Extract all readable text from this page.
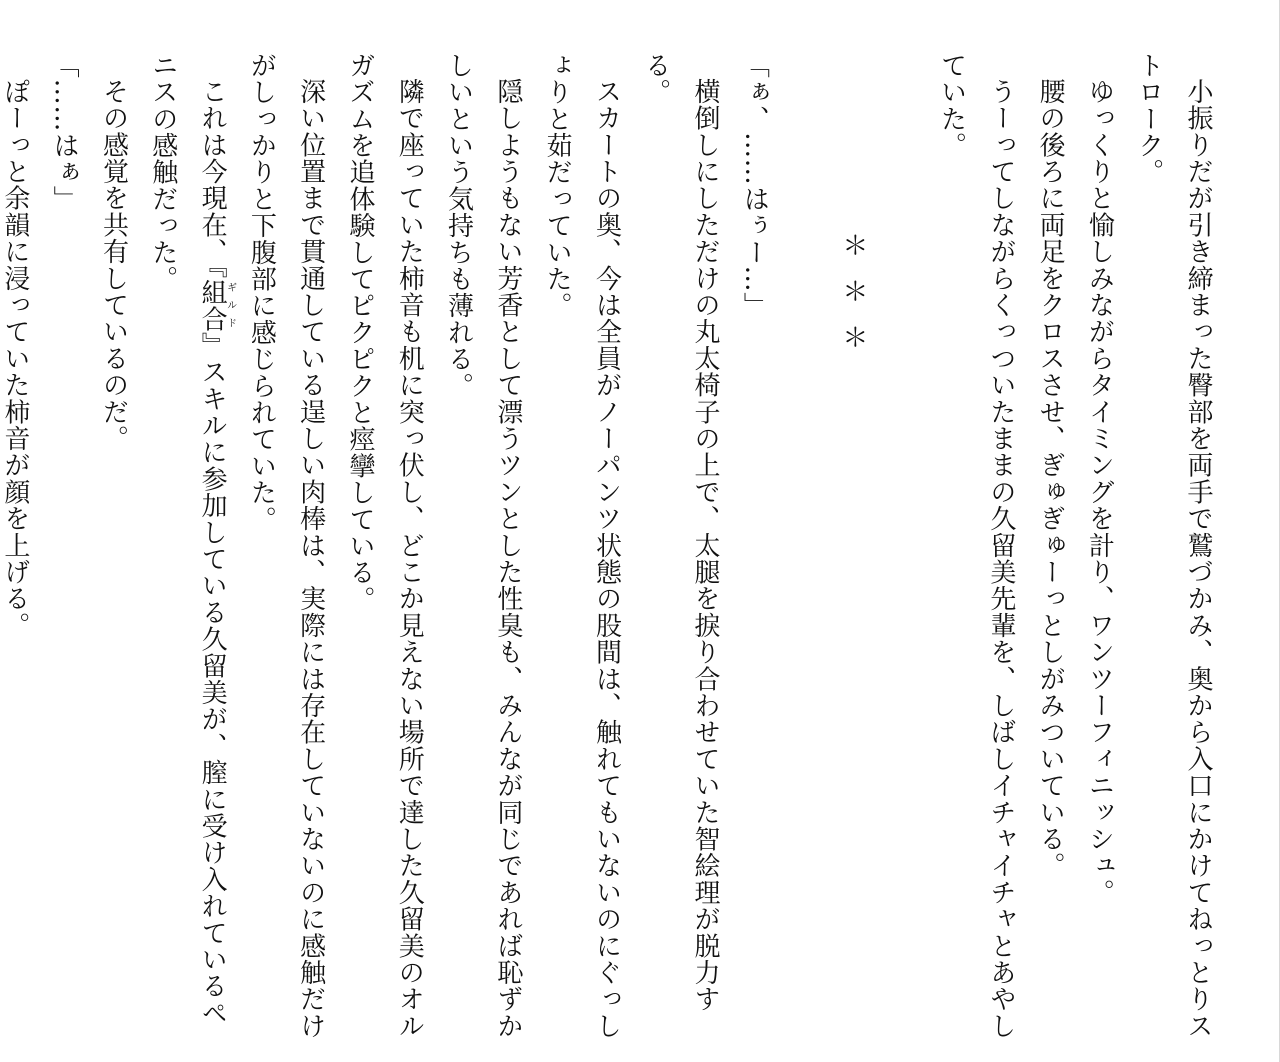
小振りだが引き締まった臀部を両手で鷲づかみ、奥から入口にかけてねっとりストローク。

ゆっくりと愉しみながらタイミングを計り、ワンツーフィニッシュ。

腰の後ろに両足をクロスさせ、ぎゅぎゅーっとしがみついている。

うーってしながらくっついたままの久留美先輩を、しばしイチャイチャとあやしていた。

＊＊＊

「ぁ、……はぅー…」

横倒しにしただけの丸太椅子の上で、太腿を捩り合わせていた智絵理が脱力する。

スカートの奥、今は全員がノーパンツ状態の股間は、触れてもいないのにぐっしょりと茹だっていた。

隠しようもない芳香として漂うツンとした性臭も、みんなが同じであれば恥ずかしいという気持ちも薄れる。

隣で座っていた柿音も机に突っ伏し、どこか見えない場所で達した久留美のオルガズムを追体験してピクピクと痙攣している。

深い位置まで貫通している逞しい肉棒は、実際には存在していないのに感触だけがしっかりと下腹部に感じられていた。

これは今現在、『組合ギルド』スキルに参加している久留美が、膣に受け入れているペニスの感触だった。

その感覚を共有しているのだ。

「……はぁ」

ぽーっと余韻に浸っていた柿音が顔を上げる。
